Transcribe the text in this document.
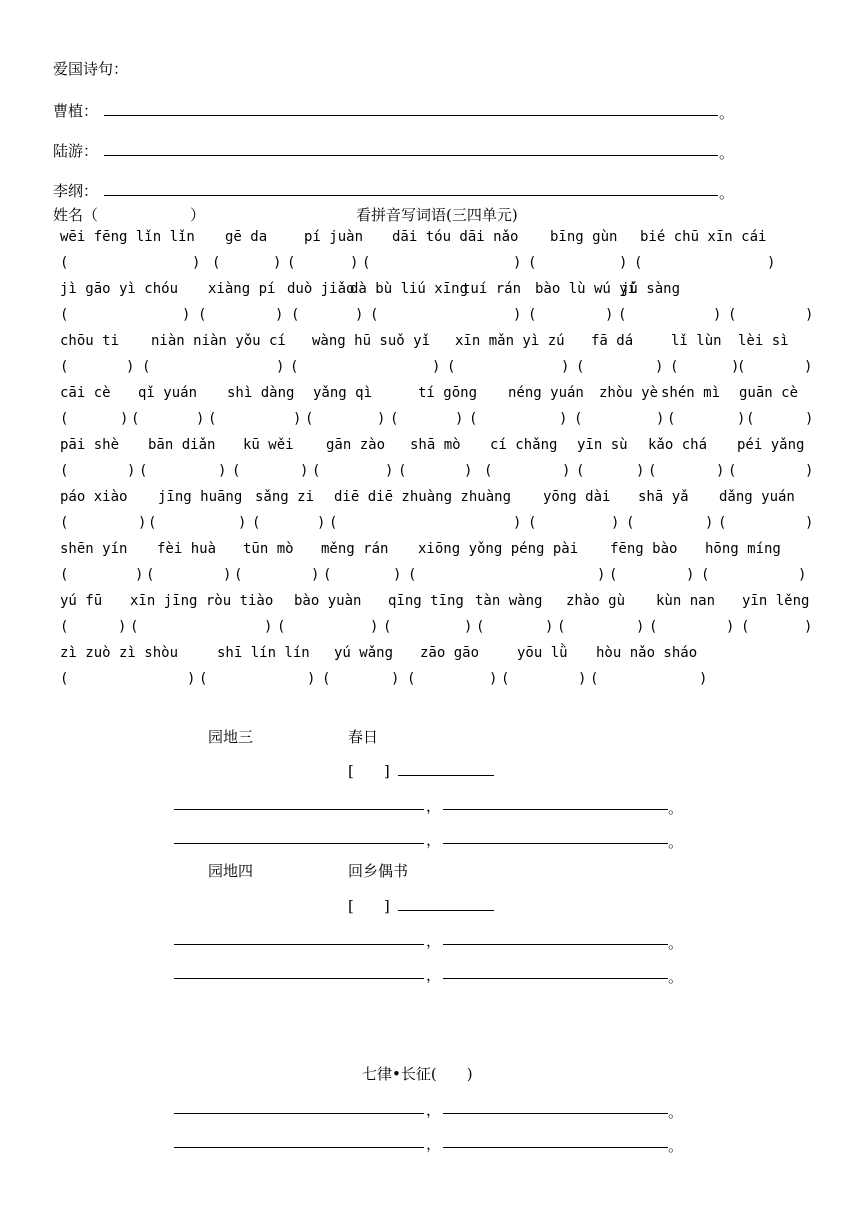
爱国诗句：
曹植：	。
陆游：	。
李纲：	。
姓名（	）	看拼音写词语(三四单元)
wēi fēng lǐn lǐn
(	)
gē da
(	)
pí juàn
(	)
dāi tóu dāi nǎo
(	)
bīng gùn
(	)
bié chū xīn cái
(	)
jì gāo yì chóu
(	)
xiàng pí
(	)
duò jiǎo
(	)
dà bù liú xīng
(	)
tuí rán
(	)
bào lù wú yí
(	)
jǔ sàng
(	)
chōu ti
(	)
niàn niàn yǒu cí
(	)
wàng hū suǒ yǐ
(	)
xīn mǎn yì zú
(	)
fā dá
(	)
lǐ lùn
(	)
lèi sì
(	)
cāi cè
(	)
qǐ yuán
(	)
shì dàng
(	)
yǎng qì
(	)
tí gōng
(	)
néng yuán
(	)
zhòu yè
(	)
shén mì
(	)
guān cè
(	)
pāi shè
(	)
bān diǎn
(	)
kū wěi
(	)
gān zào
(	)
shā mò
(	)
cí chǎng
(	)
yīn sù
(	)
kǎo chá
(	)
péi yǎng
(	)
páo xiào
(	)
jīng huāng
(	)
sǎng zi
(	)
diē diē zhuàng zhuàng
(	)
yōng dài
(	)
shā yǎ
(	)
dǎng yuán
(	)
shēn yín
(	)
fèi huà
(	)
tūn mò
(	)
měng rán
(	)
xiōng yǒng péng pài
(	)
fēng bào
(	)
hōng míng
(	)
yú fū
(	)
xīn jīng ròu tiào
(	)
bào yuàn
(	)
qīng tīng
(	)
tàn wàng
(	)
zhào gù
(	)
kùn nan
(	)
yīn lěng
(	)
zì zuò zì shòu
(	)
shī lín lín
(	)
yú wǎng
(	)
zāo gāo
(	)
yōu lǜ
(	)
hòu nǎo sháo
(	)
园地三	春日
[　　]
，	。
，	。
园地四	回乡偶书
[　　]
，	。
，	。
七律•长征(　　)
，	。
，	。
